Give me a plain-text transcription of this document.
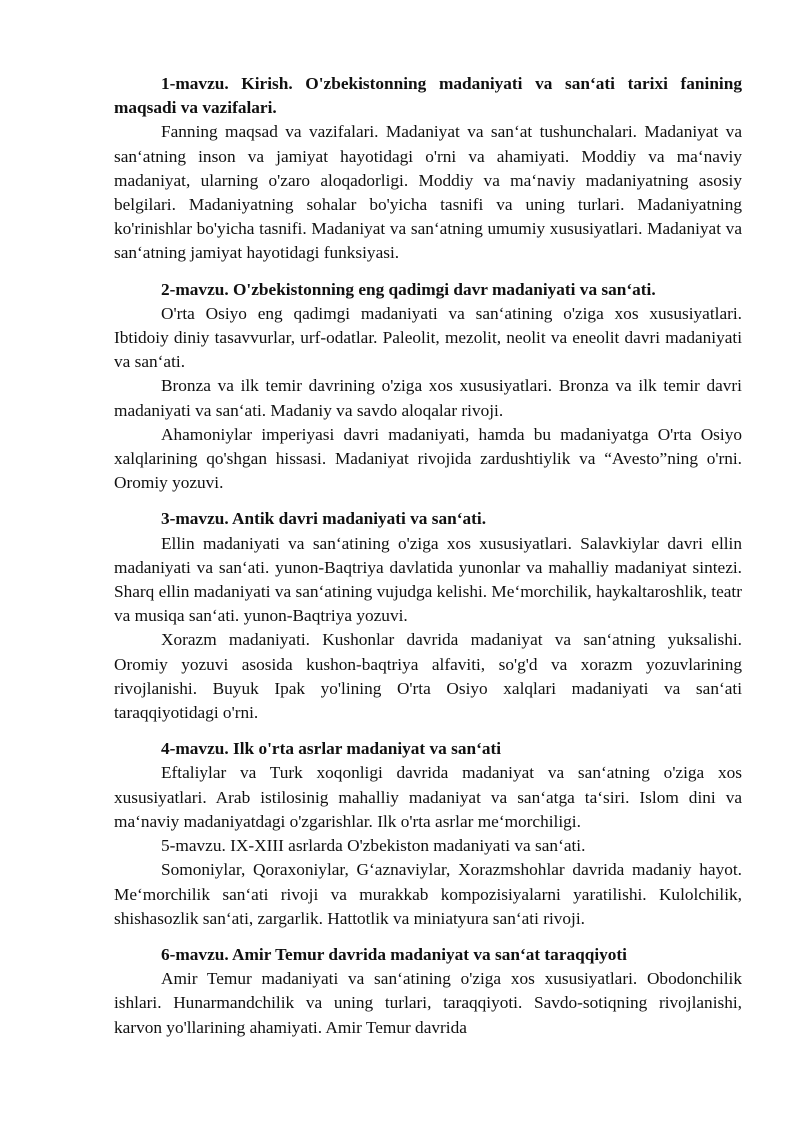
1-mavzu. Kirish. O'zbekistonning madaniyati va san‘ati tarixi fanining maqsadi va vazifalari.

Fanning maqsad va vazifalari. Madaniyat va san‘at tushunchalari. Madaniyat va san‘atning inson va jamiyat hayotidagi o'rni va ahamiyati. Moddiy va ma‘naviy madaniyat, ularning o'zaro aloqadorligi. Moddiy va ma‘naviy madaniyatning asosiy belgilari. Madaniyatning sohalar bo'yicha tasnifi va uning turlari. Madaniyatning ko'rinishlar bo'yicha tasnifi. Madaniyat va san‘atning umumiy xususiyatlari. Madaniyat va san‘atning jamiyat hayotidagi funksiyasi.

2-mavzu. O'zbekistonning eng qadimgi davr madaniyati va san‘ati.

O'rta Osiyo eng qadimgi madaniyati va san‘atining o'ziga xos xususiyatlari. Ibtidoiy diniy tasavvurlar, urf-odatlar. Paleolit, mezolit, neolit va eneolit davri madaniyati va san‘ati.

Bronza va ilk temir davrining o'ziga xos xususiyatlari. Bronza va ilk temir davri madaniyati va san‘ati. Madaniy va savdo aloqalar rivoji.

Ahamoniylar imperiyasi davri madaniyati, hamda bu madaniyatga O'rta Osiyo xalqlarining qo'shgan hissasi. Madaniyat rivojida zardushtiylik va “Avesto”ning o'rni. Oromiy yozuvi.

3-mavzu. Antik davri madaniyati va san‘ati.

Ellin madaniyati va san‘atining o'ziga xos xususiyatlari. Salavkiylar davri ellin madaniyati va san‘ati. yunon-Baqtriya davlatida yunonlar va mahalliy madaniyat sintezi. Sharq ellin madaniyati va san‘atining vujudga kelishi. Me‘morchilik, haykaltaroshlik, teatr va musiqa san‘ati. yunon-Baqtriya yozuvi.

Xorazm madaniyati. Kushonlar davrida madaniyat va san‘atning yuksalishi. Oromiy yozuvi asosida kushon-baqtriya alfaviti, so'g'd va xorazm yozuvlarining rivojlanishi. Buyuk Ipak yo'lining O'rta Osiyo xalqlari madaniyati va san‘ati taraqqiyotidagi o'rni.

4-mavzu. Ilk o'rta asrlar madaniyat va san‘ati

Eftaliylar va Turk xoqonligi davrida madaniyat va san‘atning o'ziga xos xususiyatlari. Arab istilosinig mahalliy madaniyat va san‘atga ta‘siri. Islom dini va ma‘naviy madaniyatdagi o'zgarishlar. Ilk o'rta asrlar me‘morchiligi.

5-mavzu. IX-XIII asrlarda O'zbekiston madaniyati va san‘ati.

Somoniylar, Qoraxoniylar, G‘aznaviylar, Xorazmshohlar davrida madaniy hayot. Me‘morchilik san‘ati rivoji va murakkab kompozisiyalarni yaratilishi. Kulolchilik, shishasozlik san‘ati, zargarlik. Hattotlik va miniatyura san‘ati rivoji.

6-mavzu. Amir Temur davrida madaniyat va san‘at taraqqiyoti

Amir Temur madaniyati va san‘atining o'ziga xos xususiyatlari. Obodonchilik ishlari. Hunarmandchilik va uning turlari, taraqqiyoti. Savdo-sotiqning rivojlanishi, karvon yo'llarining ahamiyati. Amir Temur davrida
